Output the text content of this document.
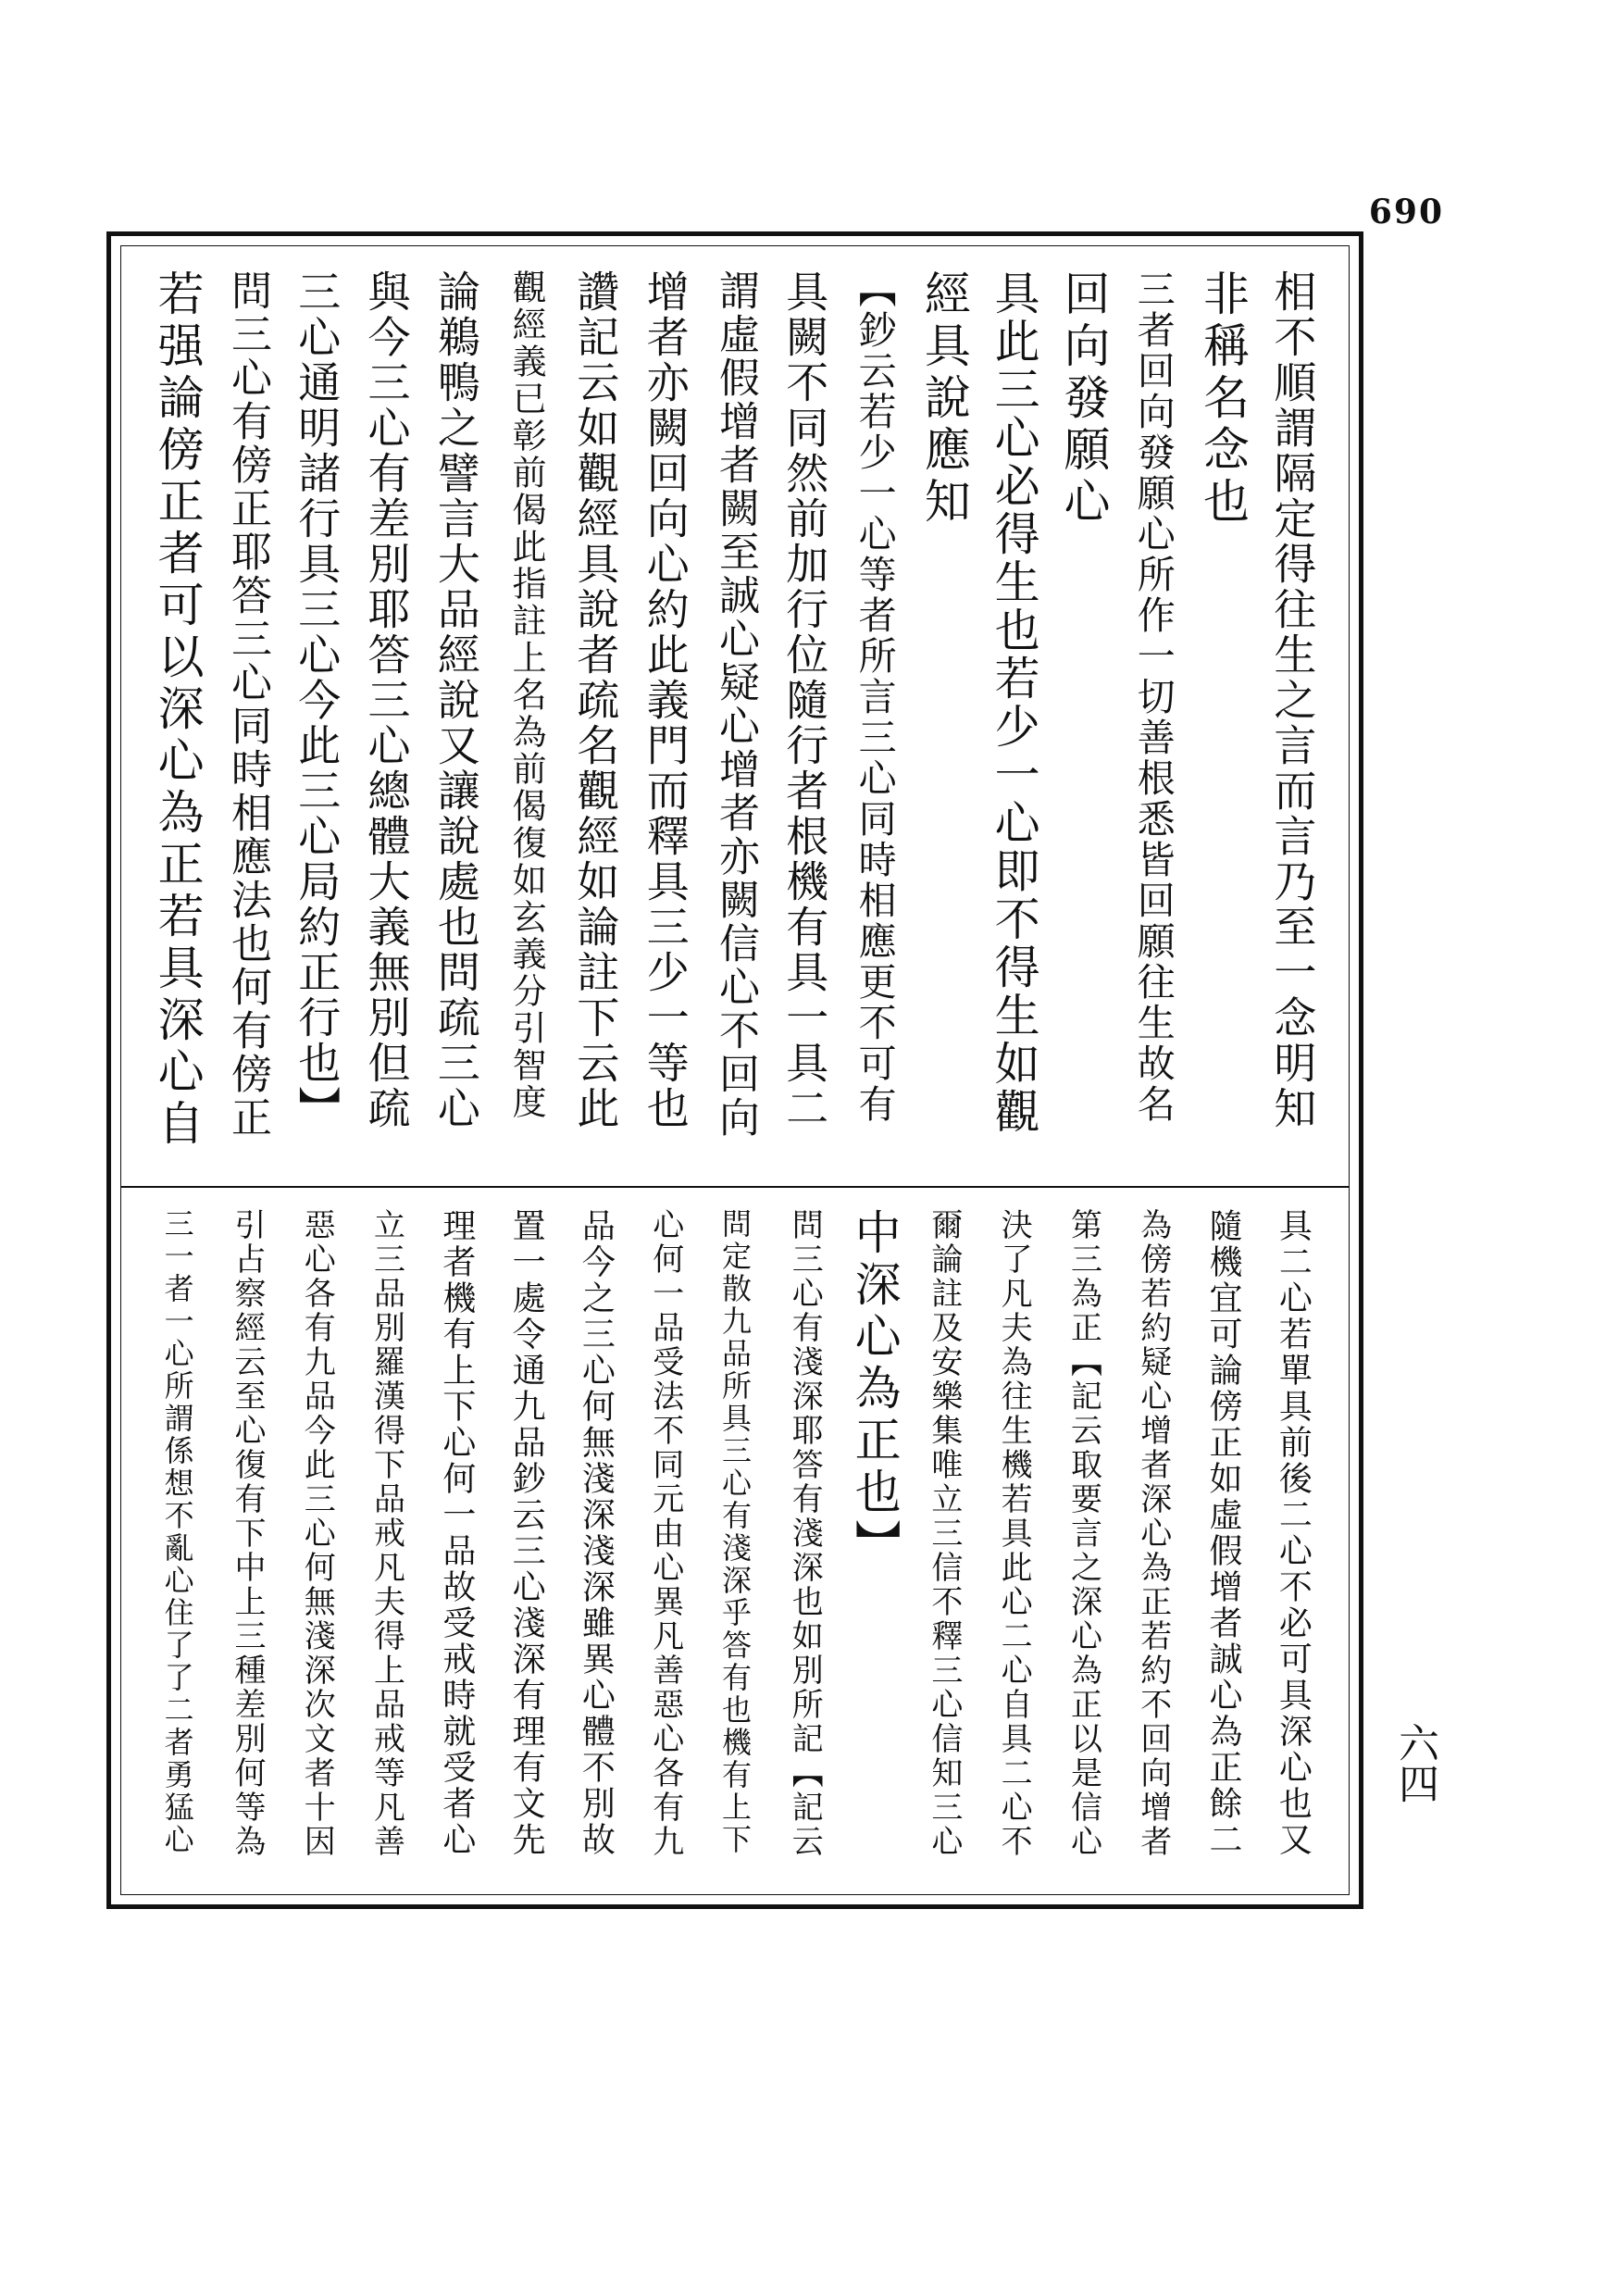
690
六四
相不順謂隔定得往生之言而言乃至一念明知
非稱名念也
三者回向發願心所作一切善根悉皆回願往生故名
回向發願心
具此三心必得生也若少一心即不得生如觀
經具說應知
【鈔云若少一心等者所言三心同時相應更不可有
具闕不同然前加行位隨行者根機有具一具二
謂虛假增者闕至誠心疑心增者亦闕信心不回向
增者亦闕回向心約此義門而釋具三少一等也
讚記云如觀經具說者疏名觀經如論註下云此
觀經義已彰前偈此指註上名為前偈復如玄義分引智度
論鵜鴨之譬言大品經說又讓說處也問疏三心
與今三心有差別耶答三心總體大義無別但疏
三心通明諸行具三心今此三心局約正行也】
問三心有傍正耶答三心同時相應法也何有傍正
若强論傍正者可以深心為正若具深心自
具二心若單具前後二心不必可具深心也又
隨機宜可論傍正如虛假增者誠心為正餘二
為傍若約疑心增者深心為正若約不回向增者
第三為正【記云取要言之深心為正以是信心
決了凡夫為往生機若具此心二心自具二心不
爾論註及安樂集唯立三信不釋三心信知三心
中深心為正也】
問三心有淺深耶答有淺深也如別所記【記云
問定散九品所具三心有淺深乎答有也機有上下
心何一品受法不同元由心異凡善惡心各有九
品今之三心何無淺深淺深雖異心體不別故
置一處令通九品鈔云三心淺深有理有文先
理者機有上下心何一品故受戒時就受者心
立三品別羅漢得下品戒凡夫得上品戒等凡善
惡心各有九品今此三心何無淺深次文者十因
引占察經云至心復有下中上三種差別何等為
三一者一心所謂係想不亂心住了了二者勇猛心
